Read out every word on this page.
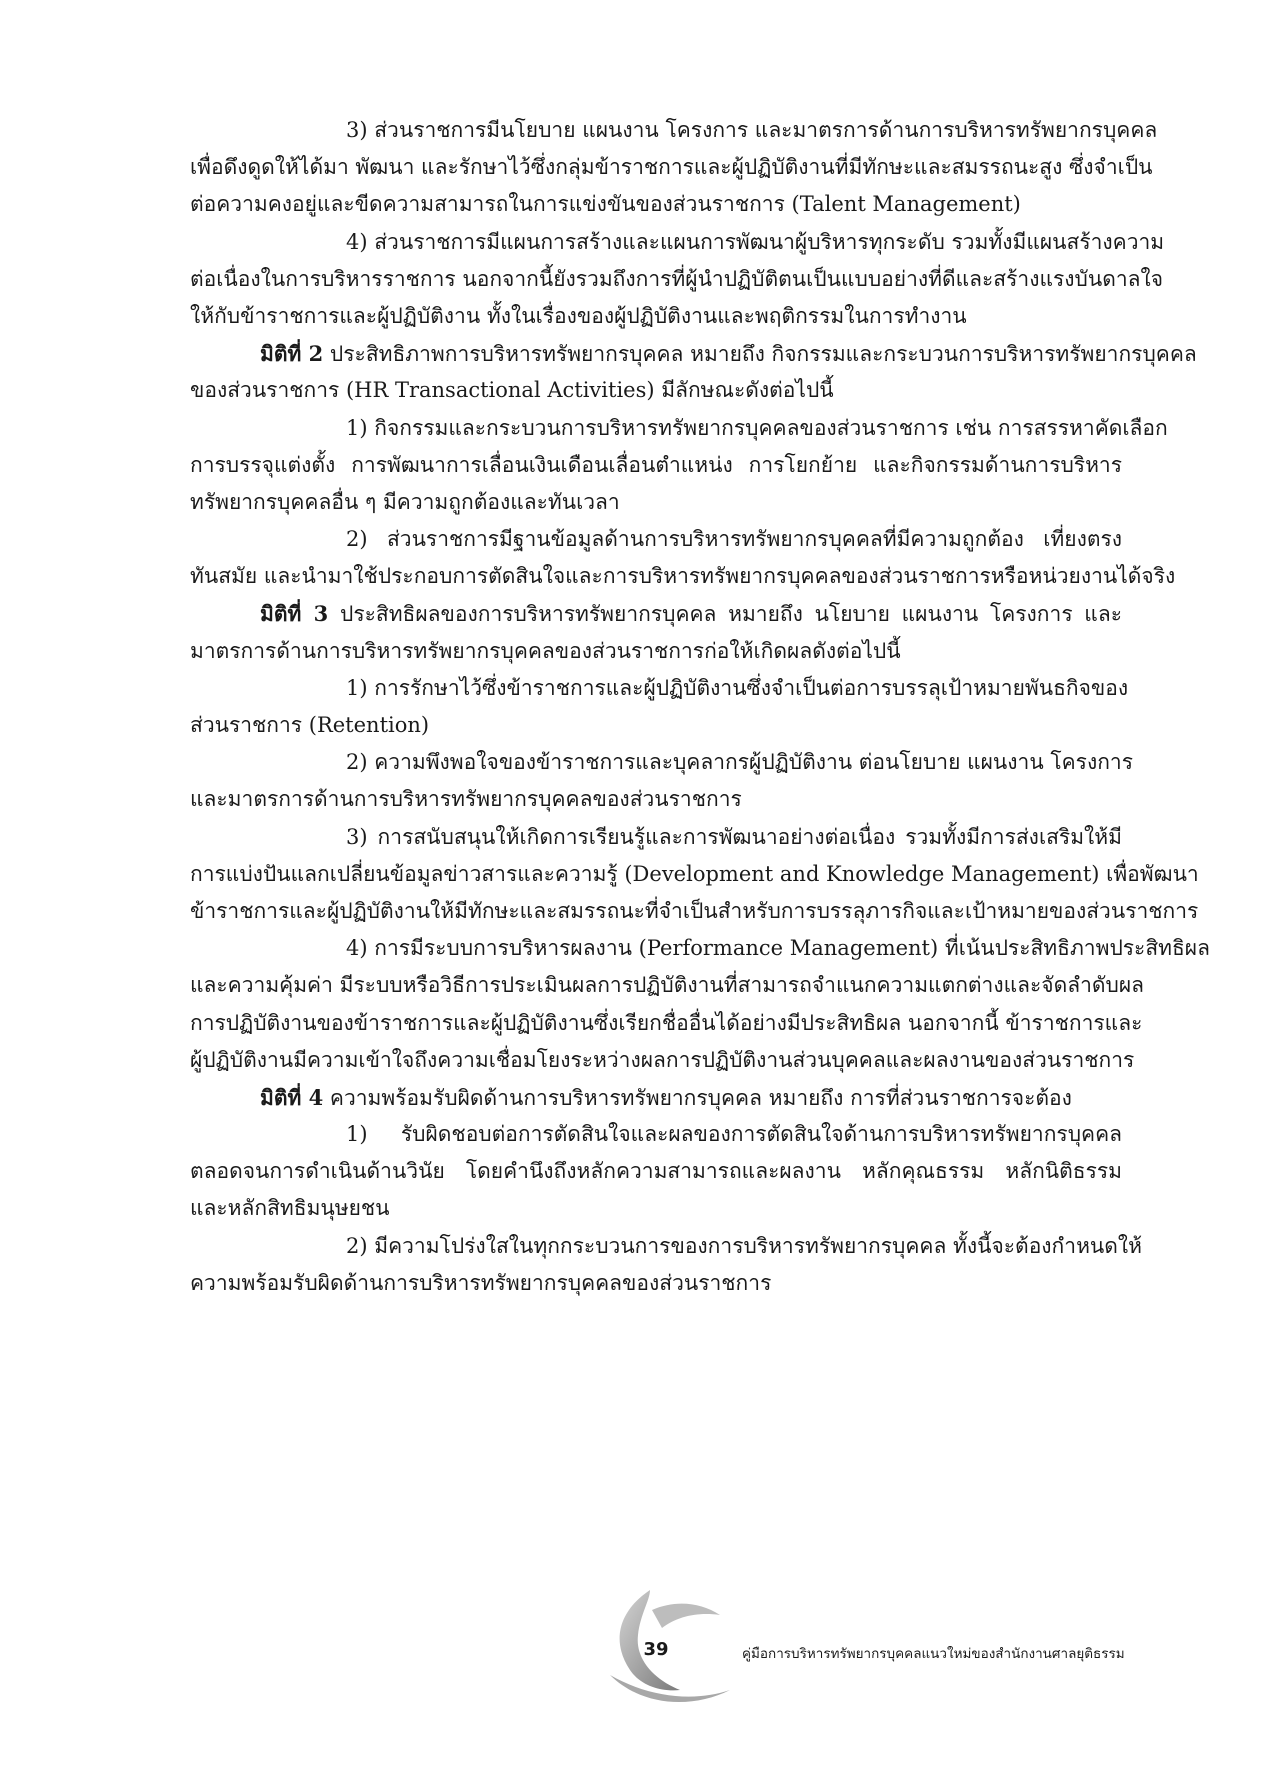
3) ส่วนราชการมีนโยบาย แผนงาน โครงการ และมาตรการด้านการบริหารทรัพยากรบุคคล
เพื่อดึงดูดให้ได้มา พัฒนา และรักษาไว้ซึ่งกลุ่มข้าราชการและผู้ปฏิบัติงานที่มีทักษะและสมรรถนะสูง ซึ่งจำเป็น
ต่อความคงอยู่และขีดความสามารถในการแข่งขันของส่วนราชการ (Talent Management)
4) ส่วนราชการมีแผนการสร้างและแผนการพัฒนาผู้บริหารทุกระดับ รวมทั้งมีแผนสร้างความ
ต่อเนื่องในการบริหารราชการ นอกจากนี้ยังรวมถึงการที่ผู้นำปฏิบัติตนเป็นแบบอย่างที่ดีและสร้างแรงบันดาลใจ
ให้กับข้าราชการและผู้ปฏิบัติงาน ทั้งในเรื่องของผู้ปฏิบัติงานและพฤติกรรมในการทำงาน
มิติที่ 2 ประสิทธิภาพการบริหารทรัพยากรบุคคล หมายถึง กิจกรรมและกระบวนการบริหารทรัพยากรบุคคล
ของส่วนราชการ (HR Transactional Activities) มีลักษณะดังต่อไปนี้
1) กิจกรรมและกระบวนการบริหารทรัพยากรบุคคลของส่วนราชการ เช่น การสรรหาคัดเลือก
การบรรจุแต่งตั้ง การพัฒนาการเลื่อนเงินเดือนเลื่อนตำแหน่ง การโยกย้าย และกิจกรรมด้านการบริหาร
ทรัพยากรบุคคลอื่น ๆ มีความถูกต้องและทันเวลา
2) ส่วนราชการมีฐานข้อมูลด้านการบริหารทรัพยากรบุคคลที่มีความถูกต้อง เที่ยงตรง
ทันสมัย และนำมาใช้ประกอบการตัดสินใจและการบริหารทรัพยากรบุคคลของส่วนราชการหรือหน่วยงานได้จริง
มิติที่ 3 ประสิทธิผลของการบริหารทรัพยากรบุคคล หมายถึง นโยบาย แผนงาน โครงการ และ
มาตรการด้านการบริหารทรัพยากรบุคคลของส่วนราชการก่อให้เกิดผลดังต่อไปนี้
1) การรักษาไว้ซึ่งข้าราชการและผู้ปฏิบัติงานซึ่งจำเป็นต่อการบรรลุเป้าหมายพันธกิจของ
ส่วนราชการ (Retention)
2) ความพึงพอใจของข้าราชการและบุคลากรผู้ปฏิบัติงาน ต่อนโยบาย แผนงาน โครงการ
และมาตรการด้านการบริหารทรัพยากรบุคคลของส่วนราชการ
3) การสนับสนุนให้เกิดการเรียนรู้และการพัฒนาอย่างต่อเนื่อง รวมทั้งมีการส่งเสริมให้มี
การแบ่งปันแลกเปลี่ยนข้อมูลข่าวสารและความรู้ (Development and Knowledge Management) เพื่อพัฒนา
ข้าราชการและผู้ปฏิบัติงานให้มีทักษะและสมรรถนะที่จำเป็นสำหรับการบรรลุภารกิจและเป้าหมายของส่วนราชการ
4) การมีระบบการบริหารผลงาน (Performance Management) ที่เน้นประสิทธิภาพประสิทธิผล
และความคุ้มค่า มีระบบหรือวิธีการประเมินผลการปฏิบัติงานที่สามารถจำแนกความแตกต่างและจัดลำดับผล
การปฏิบัติงานของข้าราชการและผู้ปฏิบัติงานซึ่งเรียกชื่ออื่นได้อย่างมีประสิทธิผล นอกจากนี้ ข้าราชการและ
ผู้ปฏิบัติงานมีความเข้าใจถึงความเชื่อมโยงระหว่างผลการปฏิบัติงานส่วนบุคคลและผลงานของส่วนราชการ
มิติที่ 4 ความพร้อมรับผิดด้านการบริหารทรัพยากรบุคคล หมายถึง การที่ส่วนราชการจะต้อง
1) รับผิดชอบต่อการตัดสินใจและผลของการตัดสินใจด้านการบริหารทรัพยากรบุคคล
ตลอดจนการดำเนินด้านวินัย โดยคำนึงถึงหลักความสามารถและผลงาน หลักคุณธรรม หลักนิติธรรม
และหลักสิทธิมนุษยชน
2) มีความโปร่งใสในทุกกระบวนการของการบริหารทรัพยากรบุคคล ทั้งนี้จะต้องกำหนดให้
ความพร้อมรับผิดด้านการบริหารทรัพยากรบุคคลของส่วนราชการ
39	คู่มือการบริหารทรัพยากรบุคคลแนวใหม่ของสำนักงานศาลยุติธรรม
